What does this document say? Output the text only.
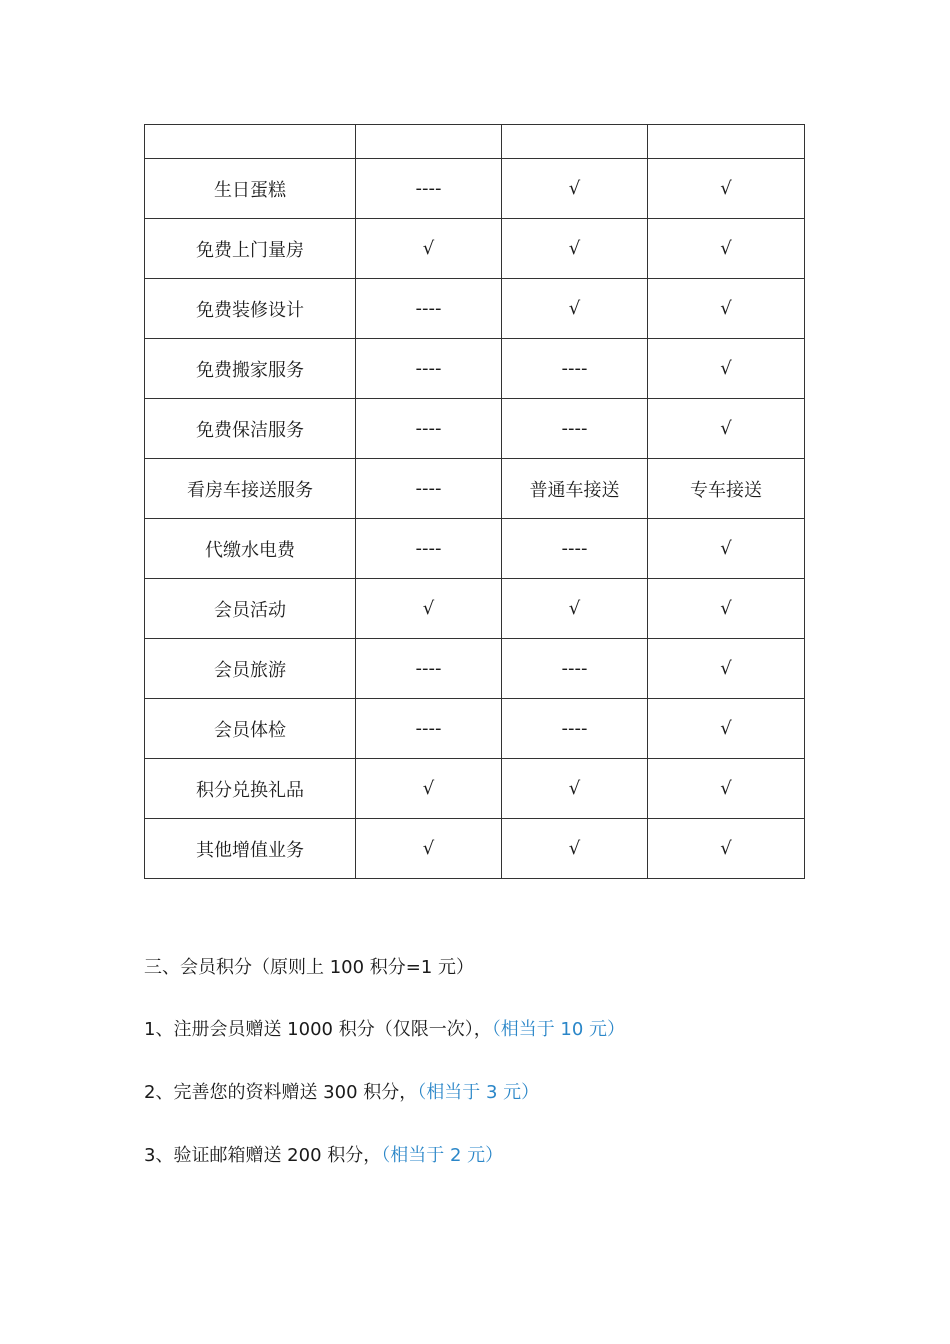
生日蛋糕	----	√	√
免费上门量房	√	√	√
免费装修设计	----	√	√
免费搬家服务	----	----	√
免费保洁服务	----	----	√
看房车接送服务	----	普通车接送	专车接送
代缴水电费	----	----	√
会员活动	√	√	√
会员旅游	----	----	√
会员体检	----	----	√
积分兑换礼品	√	√	√
其他增值业务	√	√	√
三、会员积分（原则上 100 积分=1 元）
1、注册会员赠送 1000 积分（仅限一次），（相当于 10 元）
2、完善您的资料赠送 300 积分，（相当于 3 元）
3、验证邮箱赠送 200 积分，（相当于 2 元）
